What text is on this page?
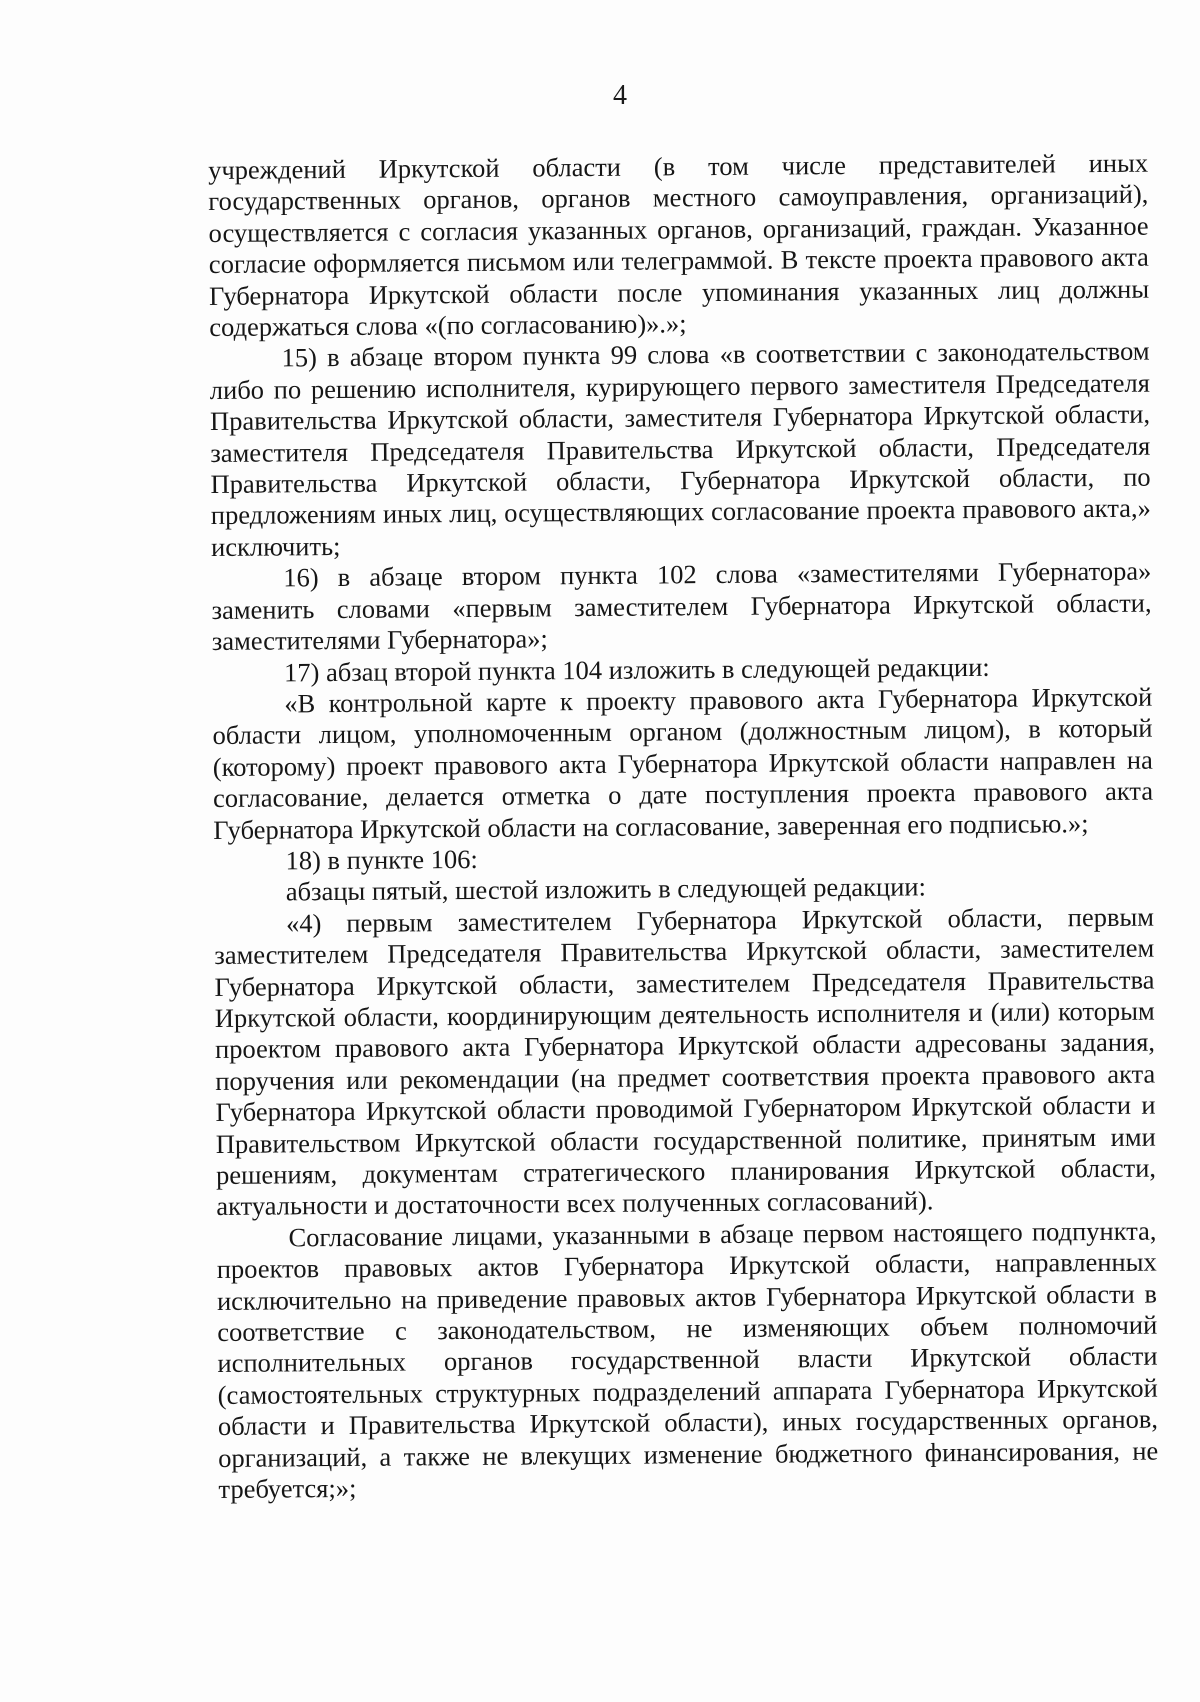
4

учреждений Иркутской области (в том числе представителей иных государственных органов, органов местного самоуправления, организаций), осуществляется с согласия указанных органов, организаций, граждан. Указанное согласие оформляется письмом или телеграммой. В тексте проекта правового акта Губернатора Иркутской области после упоминания указанных лиц должны содержаться слова «(по согласованию)».»;

15) в абзаце втором пункта 99 слова «в соответствии с законодательством либо по решению исполнителя, курирующего первого заместителя Председателя Правительства Иркутской области, заместителя Губернатора Иркутской области, заместителя Председателя Правительства Иркутской области, Председателя Правительства Иркутской области, Губернатора Иркутской области, по предложениям иных лиц, осуществляющих согласование проекта правового акта,» исключить;

16) в абзаце втором пункта 102 слова «заместителями Губернатора» заменить словами «первым заместителем Губернатора Иркутской области, заместителями Губернатора»;

17) абзац второй пункта 104 изложить в следующей редакции:

«В контрольной карте к проекту правового акта Губернатора Иркутской области лицом, уполномоченным органом (должностным лицом), в который (которому) проект правового акта Губернатора Иркутской области направлен на согласование, делается отметка о дате поступления проекта правового акта Губернатора Иркутской области на согласование, заверенная его подписью.»;

18) в пункте 106:

абзацы пятый, шестой изложить в следующей редакции:

«4) первым заместителем Губернатора Иркутской области, первым заместителем Председателя Правительства Иркутской области, заместителем Губернатора Иркутской области, заместителем Председателя Правительства Иркутской области, координирующим деятельность исполнителя и (или) которым проектом правового акта Губернатора Иркутской области адресованы задания, поручения или рекомендации (на предмет соответствия проекта правового акта Губернатора Иркутской области проводимой Губернатором Иркутской области и Правительством Иркутской области государственной политике, принятым ими решениям, документам стратегического планирования Иркутской области, актуальности и достаточности всех полученных согласований).

Согласование лицами, указанными в абзаце первом настоящего подпункта, проектов правовых актов Губернатора Иркутской области, направленных исключительно на приведение правовых актов Губернатора Иркутской области в соответствие с законодательством, не изменяющих объем полномочий исполнительных органов государственной власти Иркутской области (самостоятельных структурных подразделений аппарата Губернатора Иркутской области и Правительства Иркутской области), иных государственных органов, организаций, а также не влекущих изменение бюджетного финансирования, не требуется;»;
